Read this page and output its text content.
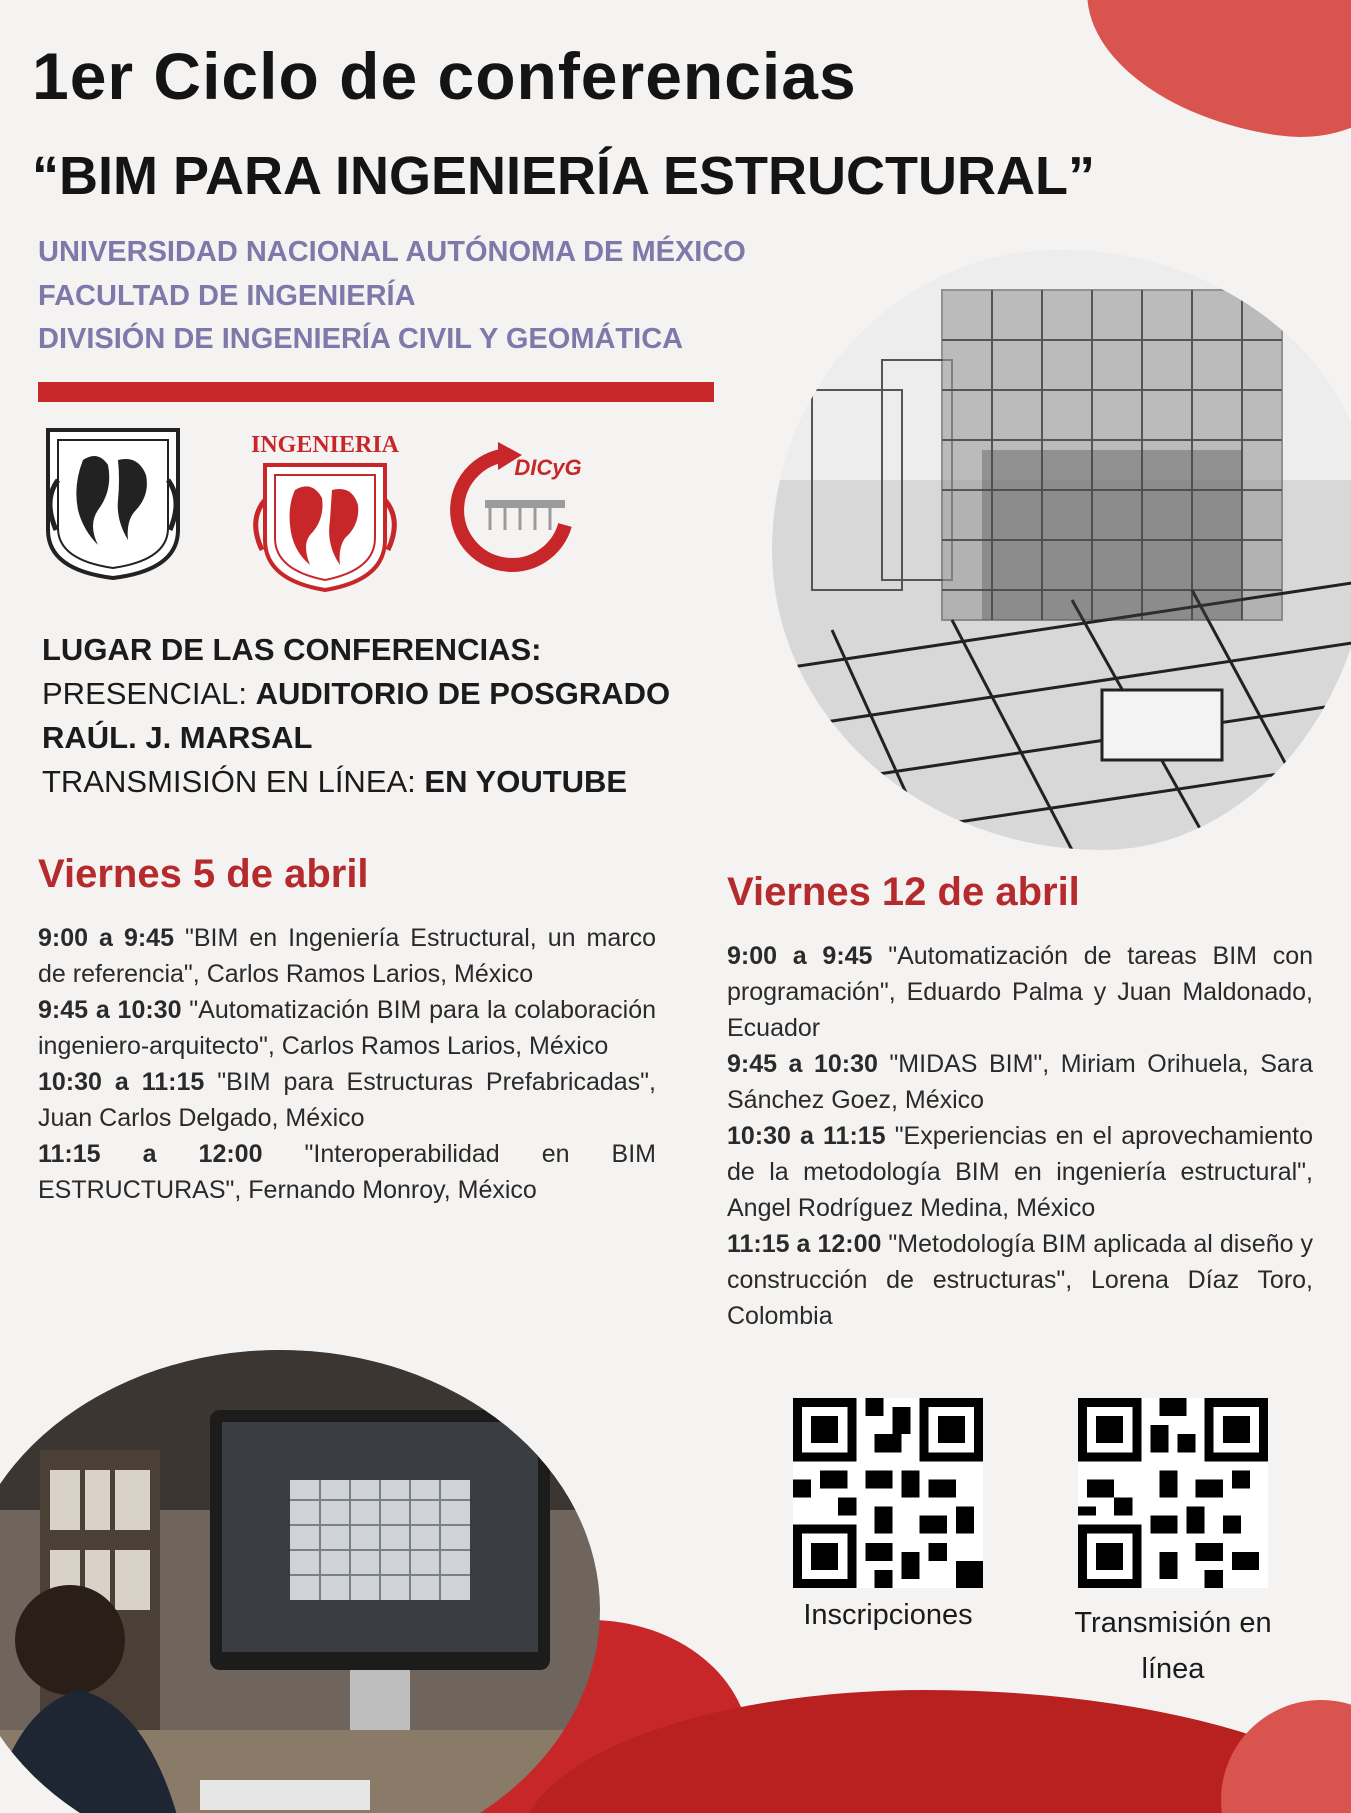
1er Ciclo de conferencias
“BIM PARA INGENIERÍA ESTRUCTURAL”
UNIVERSIDAD NACIONAL AUTÓNOMA DE MÉXICO
FACULTAD DE INGENIERÍA
DIVISIÓN DE INGENIERÍA CIVIL Y GEOMÁTICA
INGENIERIA
DICyG
LUGAR DE LAS CONFERENCIAS:
PRESENCIAL: AUDITORIO DE POSGRADO
RAÚL. J. MARSAL
TRANSMISIÓN EN LÍNEA: EN YOUTUBE
Viernes 5 de abril

9:00 a 9:45 "BIM en Ingeniería Estructural, un marco de referencia", Carlos Ramos Larios, México

9:45 a 10:30 "Automatización BIM para la colaboración ingeniero-arquitecto", Carlos Ramos Larios, México

10:30 a 11:15 "BIM para Estructuras Prefabricadas", Juan Carlos Delgado, México

11:15 a 12:00 "Interoperabilidad en BIM ESTRUCTURAS", Fernando Monroy, México

Viernes 12 de abril

9:00 a 9:45 "Automatización de tareas BIM con programación", Eduardo Palma y Juan Maldonado, Ecuador

9:45 a 10:30 "MIDAS BIM", Miriam Orihuela, Sara Sánchez Goez, México

10:30 a 11:15 "Experiencias en el aprovechamiento de la metodología BIM en ingeniería estructural", Angel Rodríguez Medina, México

11:15 a 12:00 "Metodología BIM aplicada al diseño y construcción de estructuras", Lorena Díaz Toro, Colombia

Inscripciones	Transmisión en
línea
